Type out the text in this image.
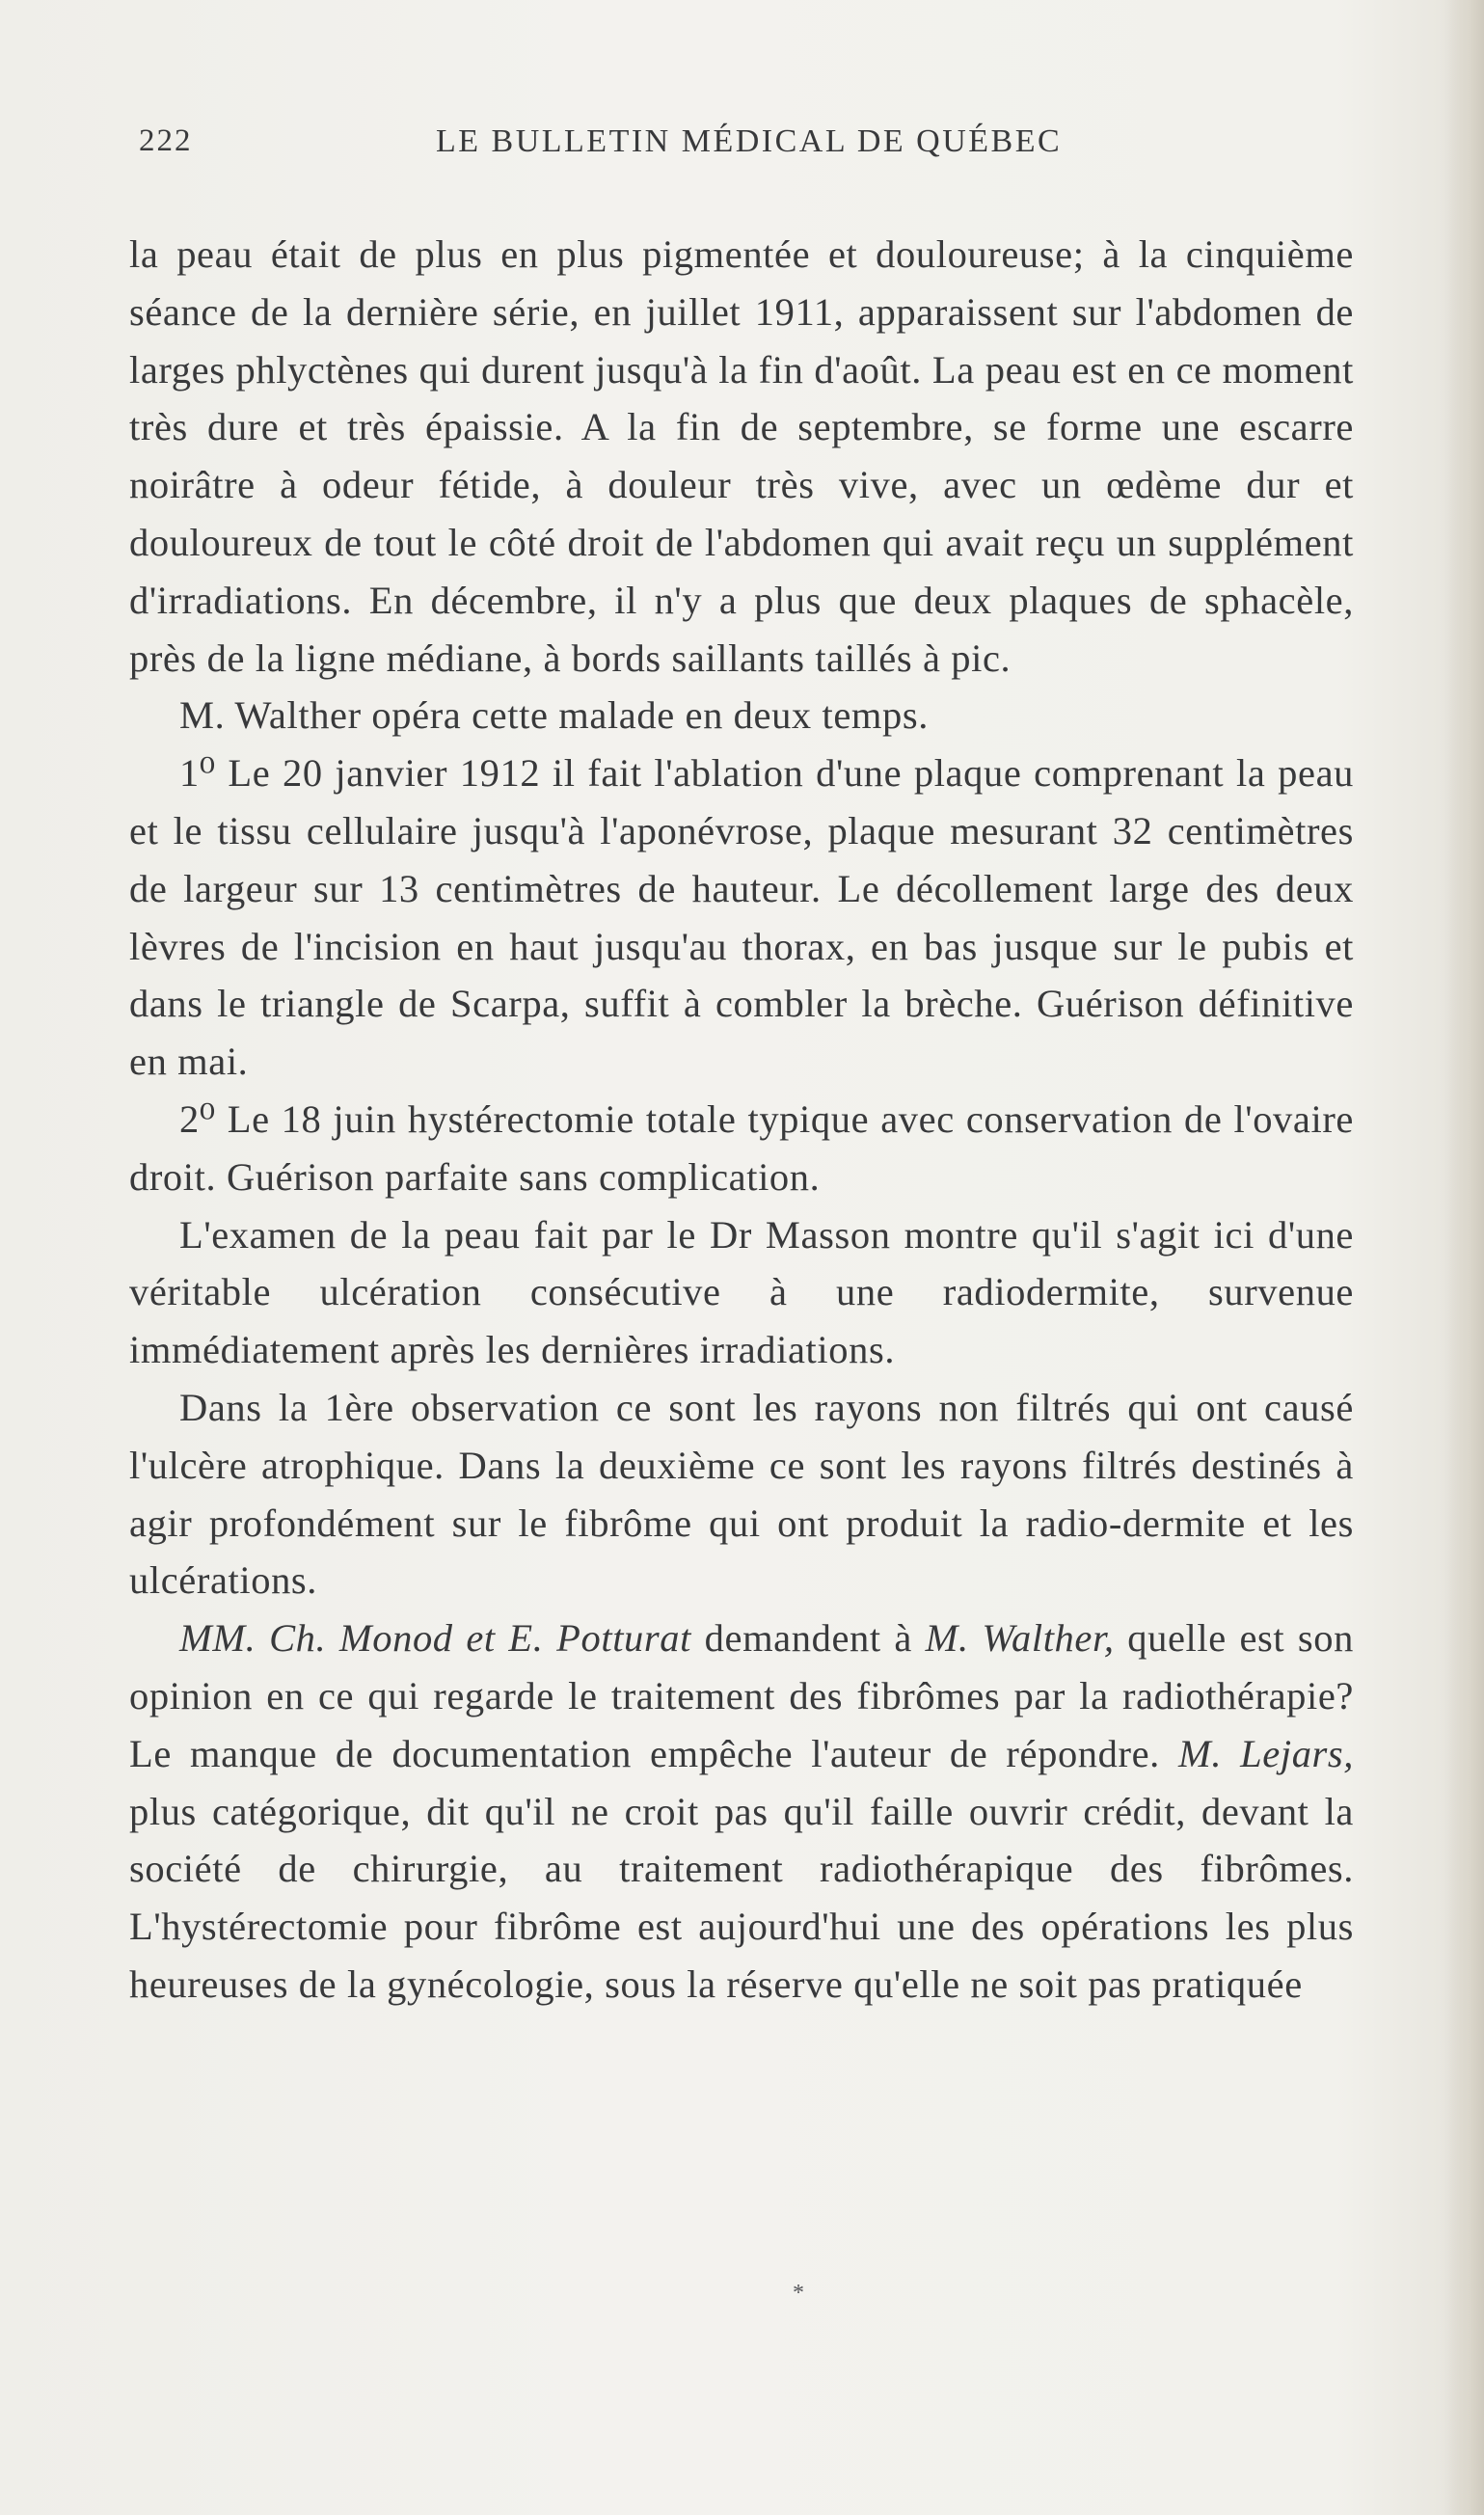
222	LE BULLETIN MÉDICAL DE QUÉBEC

la peau était de plus en plus pigmentée et douloureuse; à la cinquième séance de la dernière série, en juillet 1911, apparaissent sur l'abdomen de larges phlyctènes qui durent jusqu'à la fin d'août. La peau est en ce moment très dure et très épaissie. A la fin de septembre, se forme une escarre noirâtre à odeur fétide, à douleur très vive, avec un œdème dur et douloureux de tout le côté droit de l'abdomen qui avait reçu un supplément d'irradiations. En décembre, il n'y a plus que deux plaques de sphacèle, près de la ligne médiane, à bords saillants taillés à pic.

M. Walther opéra cette malade en deux temps.

1⁰ Le 20 janvier 1912 il fait l'ablation d'une plaque comprenant la peau et le tissu cellulaire jusqu'à l'aponévrose, plaque mesurant 32 centimètres de largeur sur 13 centimètres de hauteur. Le décollement large des deux lèvres de l'incision en haut jusqu'au thorax, en bas jusque sur le pubis et dans le triangle de Scarpa, suffit à combler la brèche. Guérison définitive en mai.

2⁰ Le 18 juin hystérectomie totale typique avec conservation de l'ovaire droit. Guérison parfaite sans complication.

L'examen de la peau fait par le Dr Masson montre qu'il s'agit ici d'une véritable ulcération consécutive à une radiodermite, survenue immédiatement après les dernières irradiations.

Dans la 1ère observation ce sont les rayons non filtrés qui ont causé l'ulcère atrophique. Dans la deuxième ce sont les rayons filtrés destinés à agir profondément sur le fibrôme qui ont produit la radio-dermite et les ulcérations.

MM. Ch. Monod et E. Potturat demandent à M. Walther, quelle est son opinion en ce qui regarde le traitement des fibrômes par la radiothérapie? Le manque de documentation empêche l'auteur de répondre. M. Lejars, plus catégorique, dit qu'il ne croit pas qu'il faille ouvrir crédit, devant la société de chirurgie, au traitement radiothérapique des fibrômes. L'hystérectomie pour fibrôme est aujourd'hui une des opérations les plus heureuses de la gynécologie, sous la réserve qu'elle ne soit pas pratiquée

*
